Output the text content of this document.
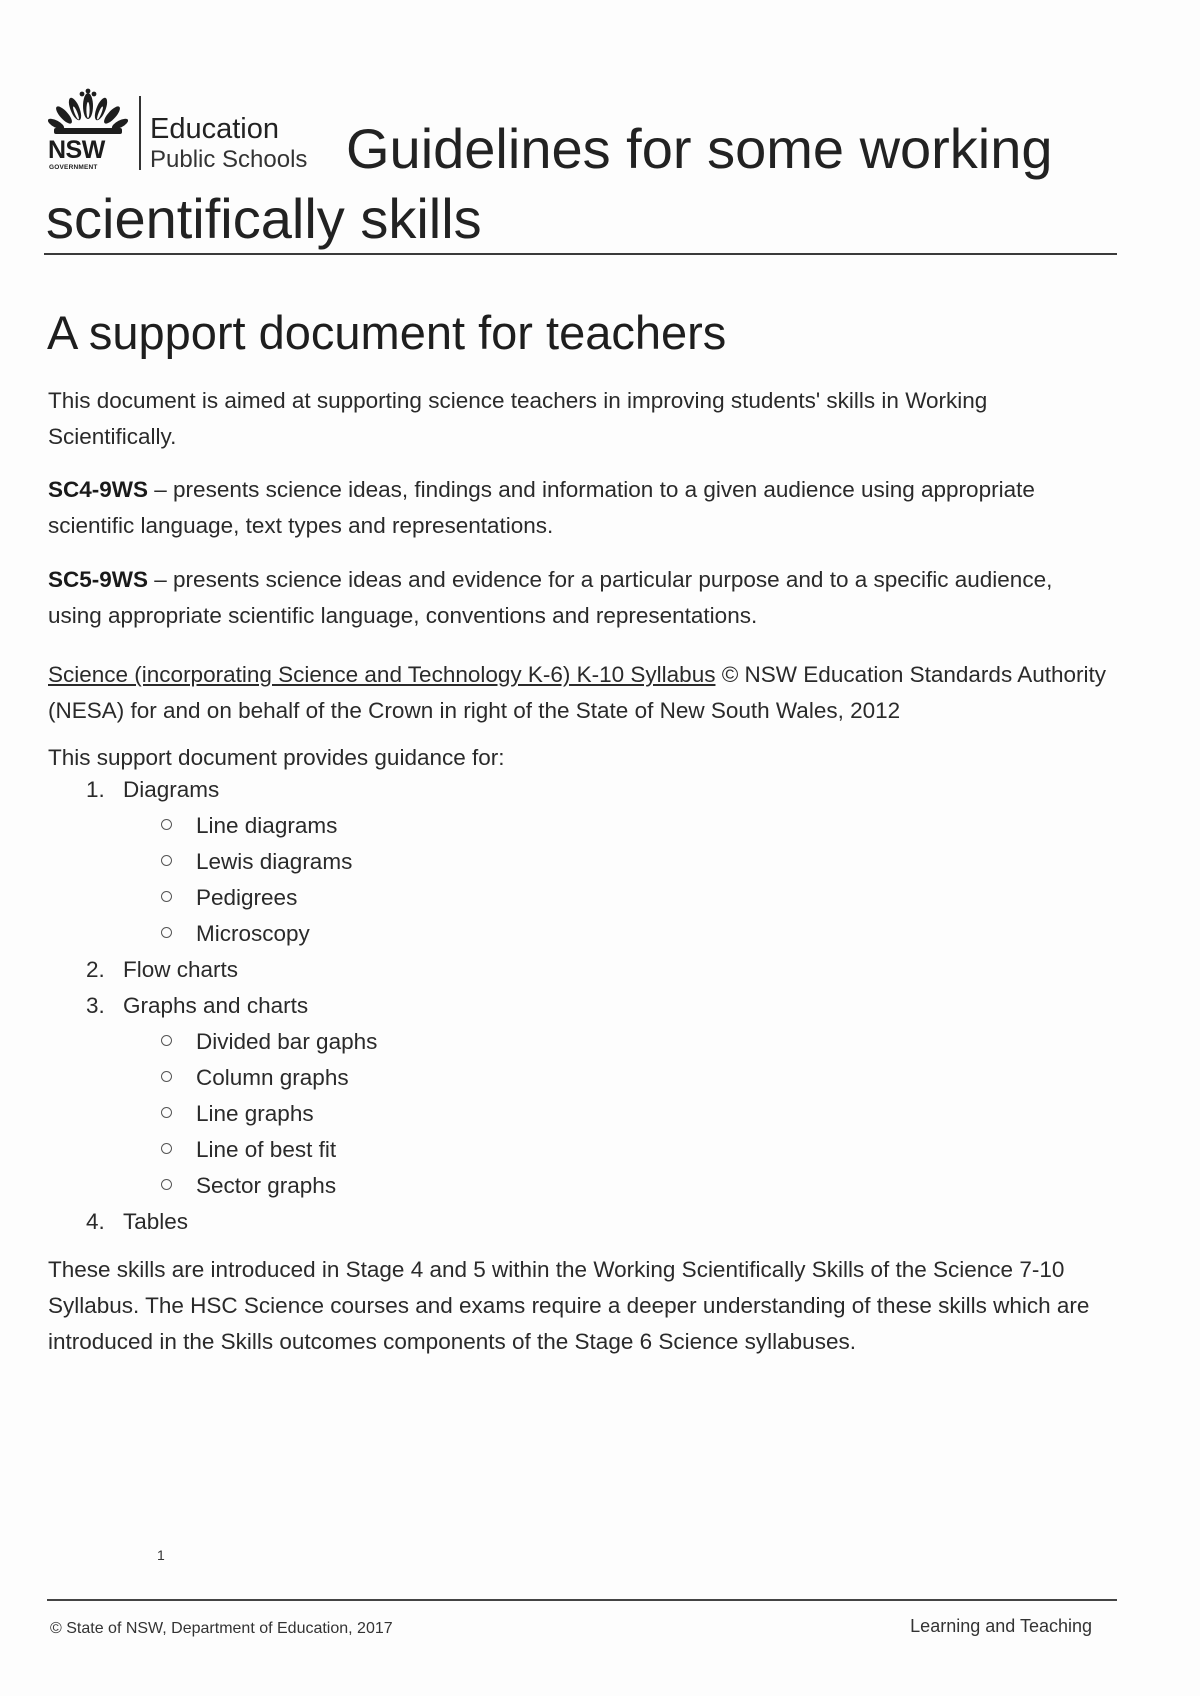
NSW
GOVERNMENT
Education
Public Schools Guidelines for some working
scientifically skills
A support document for teachers
This document is aimed at supporting science teachers in improving students' skills in Working Scientifically.
SC4-9WS – presents science ideas, findings and information to a given audience using appropriate scientific language, text types and representations.
SC5-9WS – presents science ideas and evidence for a particular purpose and to a specific audience, using appropriate scientific language, conventions and representations.
Science (incorporating Science and Technology K-6) K-10 Syllabus © NSW Education Standards Authority (NESA) for and on behalf of the Crown in right of the State of New South Wales, 2012
This support document provides guidance for:
1. Diagrams
Line diagrams
Lewis diagrams
Pedigrees
Microscopy
2. Flow charts
3. Graphs and charts
Divided bar gaphs
Column graphs
Line graphs
Line of best fit
Sector graphs
4. Tables
These skills are introduced in Stage 4 and 5 within the Working Scientifically Skills of the Science 7-10 Syllabus. The HSC Science courses and exams require a deeper understanding of these skills which are introduced in the Skills outcomes components of the Stage 6 Science syllabuses.
1
© State of NSW, Department of Education, 2017	Learning and Teaching
